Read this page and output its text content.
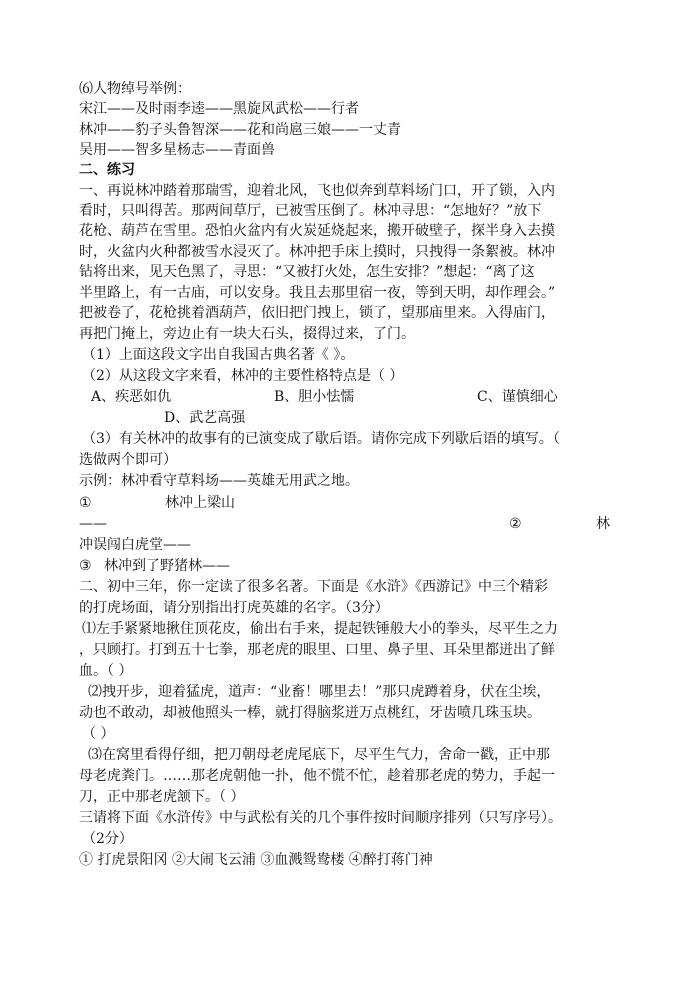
⑹人物绰号举例：
宋江——及时雨李逵——黑旋风武松——行者
林冲——豹子头鲁智深——花和尚扈三娘——一丈青
吴用——智多星杨志——青面兽
二、练习
一、再说林冲踏着那瑞雪，迎着北风，飞也似奔到草料场门口，开了锁，入内
看时，只叫得苦。那两间草厅，已被雪压倒了。林冲寻思：“怎地好？”放下
花枪、葫芦在雪里。恐怕火盆内有火炭延烧起来，搬开破壁子，探半身入去摸
时，火盆内火种都被雪水浸灭了。林冲把手床上摸时，只拽得一条絮被。林冲
钻将出来，见天色黑了，寻思：“又被打火处，怎生安排？”想起：“离了这
半里路上，有一古庙，可以安身。我且去那里宿一夜，等到天明，却作理会。”
把被卷了，花枪挑着酒葫芦，依旧把门拽上，锁了，望那庙里来。入得庙门，
再把门掩上，旁边止有一块大石头，掇得过来，了门。
（1）上面这段文字出自我国古典名著《 》。
（2）从这段文字来看，林冲的主要性格特点是（ ）
A、疾恶如仇	B、胆小怯懦	C、谨慎细心
D、武艺高强
（3）有关林冲的故事有的已演变成了歇后语。请你完成下列歇后语的填写。（
选做两个即可）
示例：林冲看守草料场——英雄无用武之地。
①	林冲上梁山
——	②	林
冲误闯白虎堂——
③ 林冲到了野猪林——
二、初中三年，你一定读了很多名著。下面是《水浒》《西游记》中三个精彩
的打虎场面，请分别指出打虎英雄的名字。（3分）
⑴左手紧紧地揪住顶花皮，偷出右手来，提起铁锤般大小的拳头，尽平生之力
，只顾打。打到五十七拳，那老虎的眼里、口里、鼻子里、耳朵里都迸出了鲜
血。（ ）
⑵拽开步，迎着猛虎，道声：“业畜！哪里去！”那只虎蹲着身，伏在尘埃，
动也不敢动，却被他照头一棒，就打得脑浆迸万点桃红，牙齿喷几珠玉块。
（ ）
⑶在窝里看得仔细，把刀朝母老虎尾底下，尽平生气力，舍命一戳，正中那
母老虎粪门。……那老虎朝他一扑，他不慌不忙，趁着那老虎的势力，手起一
刀，正中那老虎颔下。（ ）
三请将下面《水浒传》中与武松有关的几个事件按时间顺序排列（只写序号）。
（2分）
① 打虎景阳冈 ②大闹飞云浦 ③血溅鸳鸯楼 ④醉打蒋门神
